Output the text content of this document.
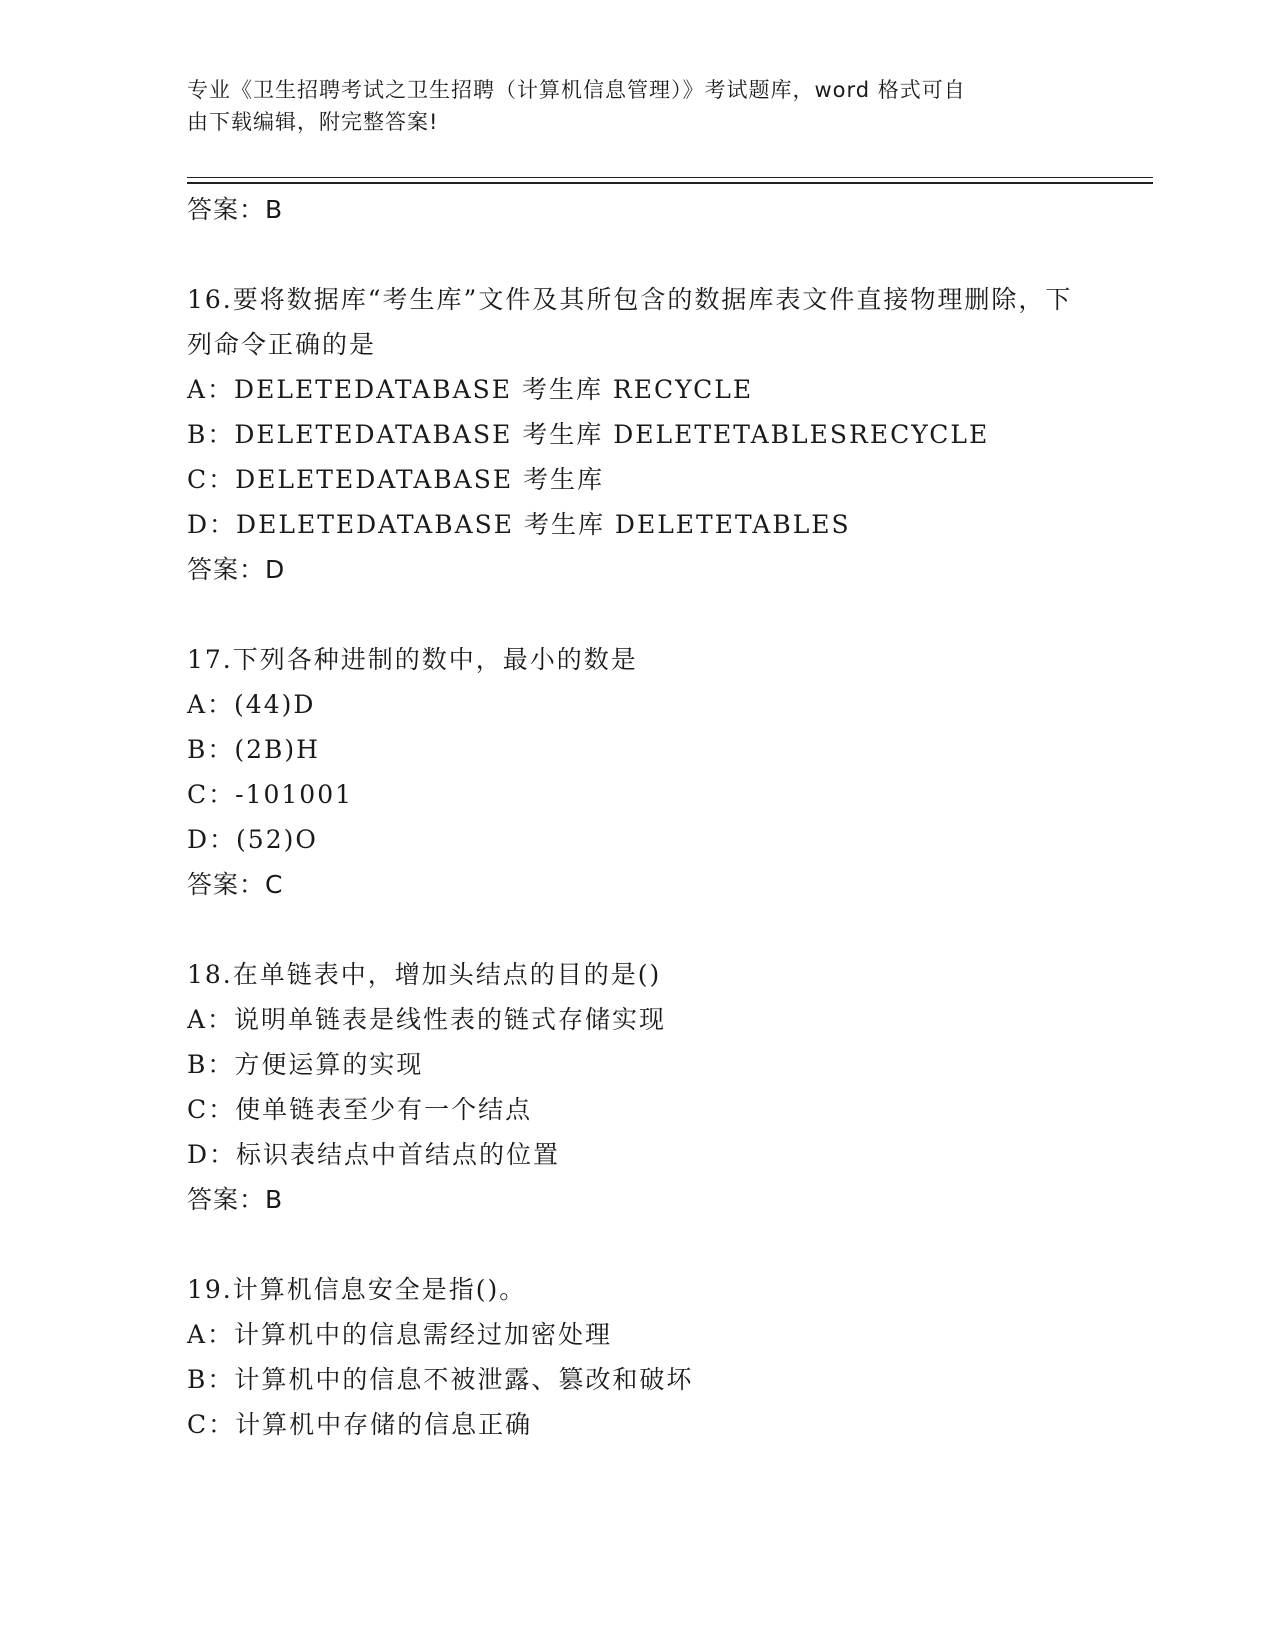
专业《卫生招聘考试之卫生招聘（计算机信息管理）》考试题库，word 格式可自
由下载编辑，附完整答案!
答案：B
16.要将数据库“考生库”文件及其所包含的数据库表文件直接物理删除，下列命令正确的是
A：DELETEDATABASE 考生库 RECYCLE
B：DELETEDATABASE 考生库 DELETETABLESRECYCLE
C：DELETEDATABASE 考生库
D：DELETEDATABASE 考生库 DELETETABLES
答案：D
17.下列各种进制的数中，最小的数是
A：(44)D
B：(2B)H
C：-101001
D：(52)O
答案：C
18.在单链表中，增加头结点的目的是()
A：说明单链表是线性表的链式存储实现
B：方便运算的实现
C：使单链表至少有一个结点
D：标识表结点中首结点的位置
答案：B
19.计算机信息安全是指()。
A：计算机中的信息需经过加密处理
B：计算机中的信息不被泄露、篡改和破坏
C：计算机中存储的信息正确
